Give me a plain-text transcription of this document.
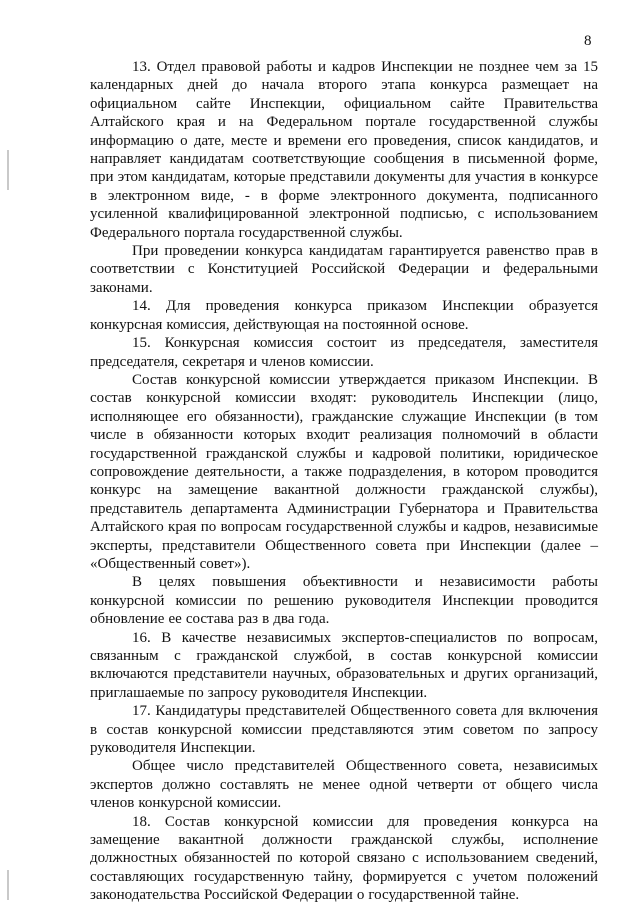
8

13. Отдел правовой работы и кадров Инспекции не позднее чем за 15 календарных дней до начала второго этапа конкурса размещает на официальном сайте Инспекции, официальном сайте Правительства Алтайского края и на Федеральном портале государственной службы информацию о дате, месте и времени его проведения, список кандидатов, и направляет кандидатам соответствующие сообщения в письменной форме, при этом кандидатам, которые представили документы для участия в конкурсе в электронном виде, - в форме электронного документа, подписанного усиленной квалифицированной электронной подписью, с использованием Федерального портала государственной службы.

При проведении конкурса кандидатам гарантируется равенство прав в соответствии с Конституцией Российской Федерации и федеральными законами.

14. Для проведения конкурса приказом Инспекции образуется конкурсная комиссия, действующая на постоянной основе.

15. Конкурсная комиссия состоит из председателя, заместителя председателя, секретаря и членов комиссии.

Состав конкурсной комиссии утверждается приказом Инспекции. В состав конкурсной комиссии входят: руководитель Инспекции (лицо, исполняющее его обязанности), гражданские служащие Инспекции (в том числе в обязанности которых входит реализация полномочий в области государственной гражданской службы и кадровой политики, юридическое сопровождение деятельности, а также подразделения, в котором проводится конкурс на замещение вакантной должности гражданской службы), представитель департамента Администрации Губернатора и Правительства Алтайского края по вопросам государственной службы и кадров, независимые эксперты, представители Общественного совета при Инспекции (далее – «Общественный совет»).

В целях повышения объективности и независимости работы конкурсной комиссии по решению руководителя Инспекции проводится обновление ее состава раз в два года.

16. В качестве независимых экспертов-специалистов по вопросам, связанным с гражданской службой, в состав конкурсной комиссии включаются представители научных, образовательных и других организаций, приглашаемые по запросу руководителя Инспекции.

17. Кандидатуры представителей Общественного совета для включения в состав конкурсной комиссии представляются этим советом по запросу руководителя Инспекции.

Общее число представителей Общественного совета, независимых экспертов должно составлять не менее одной четверти от общего числа членов конкурсной комиссии.

18. Состав конкурсной комиссии для проведения конкурса на замещение вакантной должности гражданской службы, исполнение должностных обязанностей по которой связано с использованием сведений, составляющих государственную тайну, формируется с учетом положений законодательства Российской Федерации о государственной тайне.
